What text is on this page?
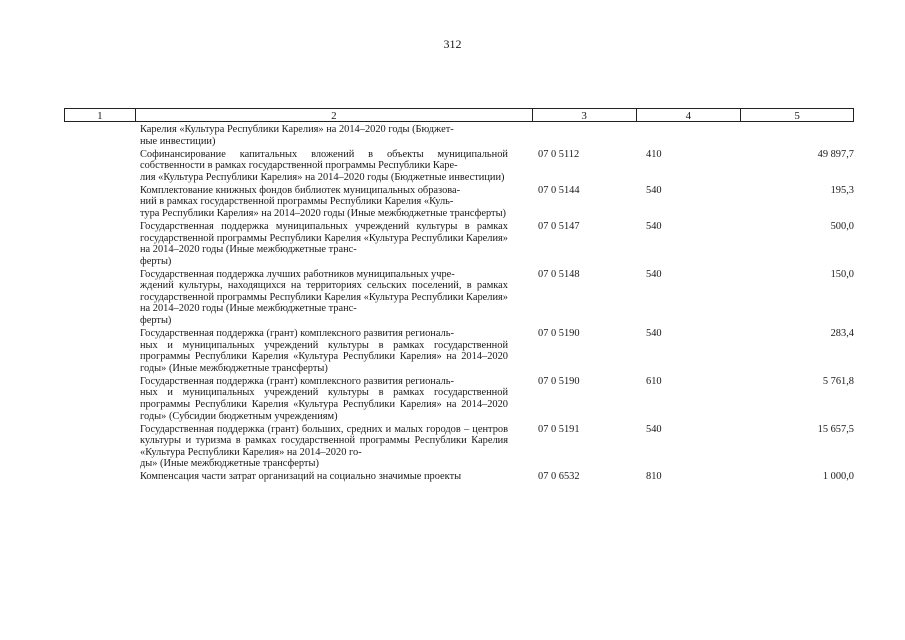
312
1	2	3	4	5
Карелия «Культура Республики Карелия» на 2014–2020 годы (Бюджет-
ные инвестиции)
Софинансирование капитальных вложений в объекты муниципальной собственности в рамках государственной программы Республики Каре-
лия «Культура Республики Карелия» на 2014–2020 годы (Бюджетные инвестиции)
07 0 5112	410	49 897,7
Комплектование книжных фондов библиотек муниципальных образова-
ний в рамках государственной программы Республики Карелия «Куль-
тура Республики Карелия» на 2014–2020 годы (Иные межбюджетные трансферты)
07 0 5144	540	195,3
Государственная поддержка муниципальных учреждений культуры в рамках государственной программы Республики Карелия «Культура Республики Карелия» на 2014–2020 годы (Иные межбюджетные транс-
ферты)
07 0 5147	540	500,0
Государственная поддержка лучших работников муниципальных учре-
ждений культуры, находящихся на территориях сельских поселений, в рамках государственной программы Республики Карелия «Культура Республики Карелия» на 2014–2020 годы (Иные межбюджетные транс-
ферты)
07 0 5148	540	150,0
Государственная поддержка (грант) комплексного развития региональ-
ных и муниципальных учреждений культуры в рамках государственной программы Республики Карелия «Культура Республики Карелия» на 2014–2020 годы» (Иные межбюджетные трансферты)
07 0 5190	540	283,4
Государственная поддержка (грант) комплексного развития региональ-
ных и муниципальных учреждений культуры в рамках государственной программы Республики Карелия «Культура Республики Карелия» на 2014–2020 годы» (Субсидии бюджетным учреждениям)
07 0 5190	610	5 761,8
Государственная поддержка (грант) больших, средних и малых городов – центров культуры и туризма в рамках государственной программы Республики Карелия «Культура Республики Карелия» на 2014–2020 го-
ды» (Иные межбюджетные трансферты)
07 0 5191	540	15 657,5
Компенсация части затрат организаций на социально значимые проекты	07 0 6532	810	1 000,0
